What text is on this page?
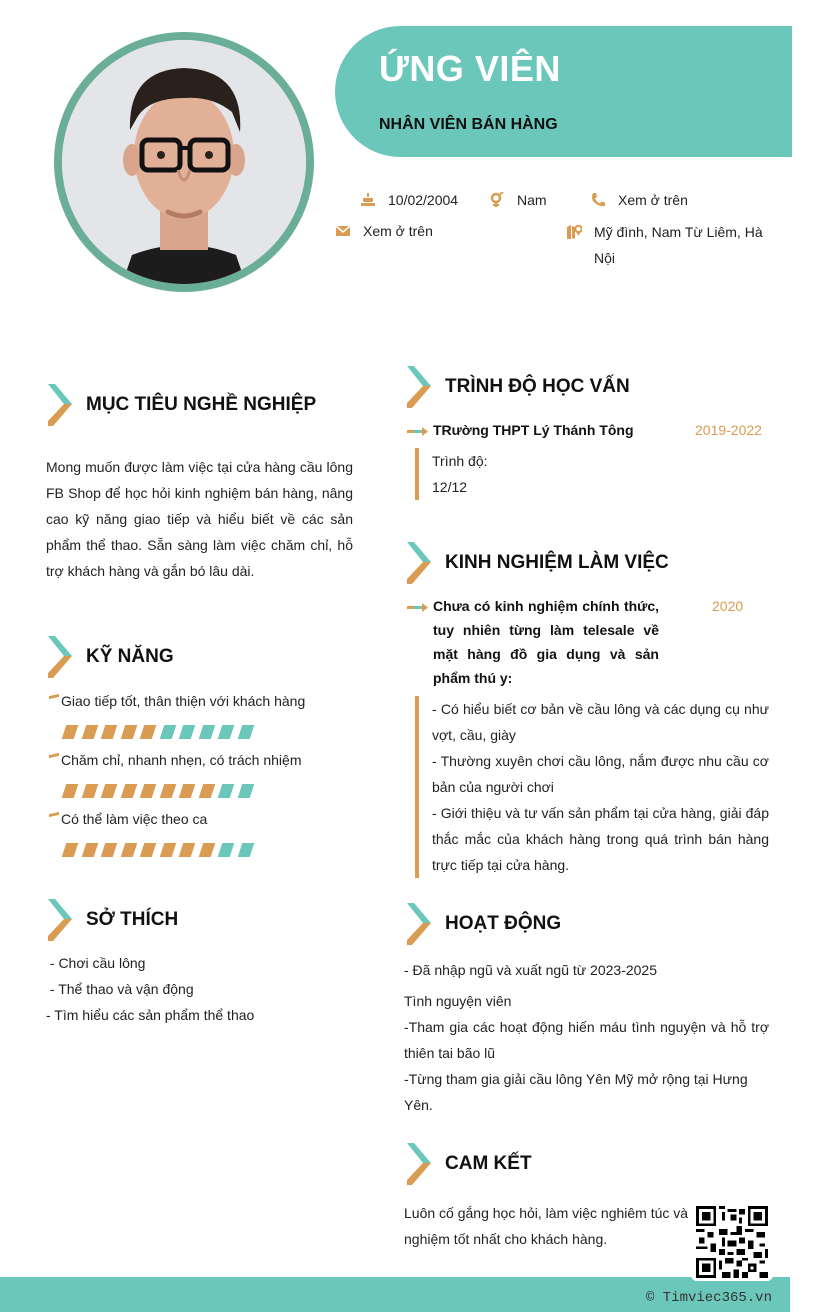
ỨNG VIÊN
NHÂN VIÊN BÁN HÀNG
10/02/2004	Nam	Xem ở trên
Xem ở trên	Mỹ đình, Nam Từ Liêm, Hà
Nội
MỤC TIÊU NGHỀ NGHIỆP
Mong muốn được làm việc tại cửa hàng cầu lông FB Shop để học hỏi kinh nghiệm bán hàng, nâng cao kỹ năng giao tiếp và hiểu biết về các sản phẩm thể thao. Sẵn sàng làm việc chăm chỉ, hỗ trợ khách hàng và gắn bó lâu dài.
KỸ NĂNG
Giao tiếp tốt, thân thiện với khách hàng
Chăm chỉ, nhanh nhẹn, có trách nhiệm
Có thể làm việc theo ca
SỞ THÍCH
- Chơi cầu lông
- Thể thao và vận động
- Tìm hiểu các sản phẩm thể thao
TRÌNH ĐỘ HỌC VẤN
TRường THPT Lý Thánh Tông	2019-2022
Trình độ:
12/12
KINH NGHIỆM LÀM VIỆC
Chưa có kinh nghiệm chính thức, tuy nhiên từng làm telesale về mặt hàng đồ gia dụng và sản phẩm thú y:
2020
- Có hiểu biết cơ bản về cầu lông và các dụng cụ như vợt, cầu, giày
- Thường xuyên chơi cầu lông, nắm được nhu cầu cơ bản của người chơi
- Giới thiệu và tư vấn sản phẩm tại cửa hàng, giải đáp thắc mắc của khách hàng trong quá trình bán hàng trực tiếp tại cửa hàng.
HOẠT ĐỘNG
- Đã nhập ngũ và xuất ngũ từ 2023-2025
Tình nguyện viên
-Tham gia các hoạt động hiến máu tình nguyện và hỗ trợ thiên tai bão lũ
-Từng tham gia giải cầu lông Yên Mỹ mở rộng tại Hưng Yên.
CAM KẾT
Luôn cố gắng học hỏi, làm việc nghiêm túc và nghiệm tốt nhất cho khách hàng.
© Timviec365.vn
